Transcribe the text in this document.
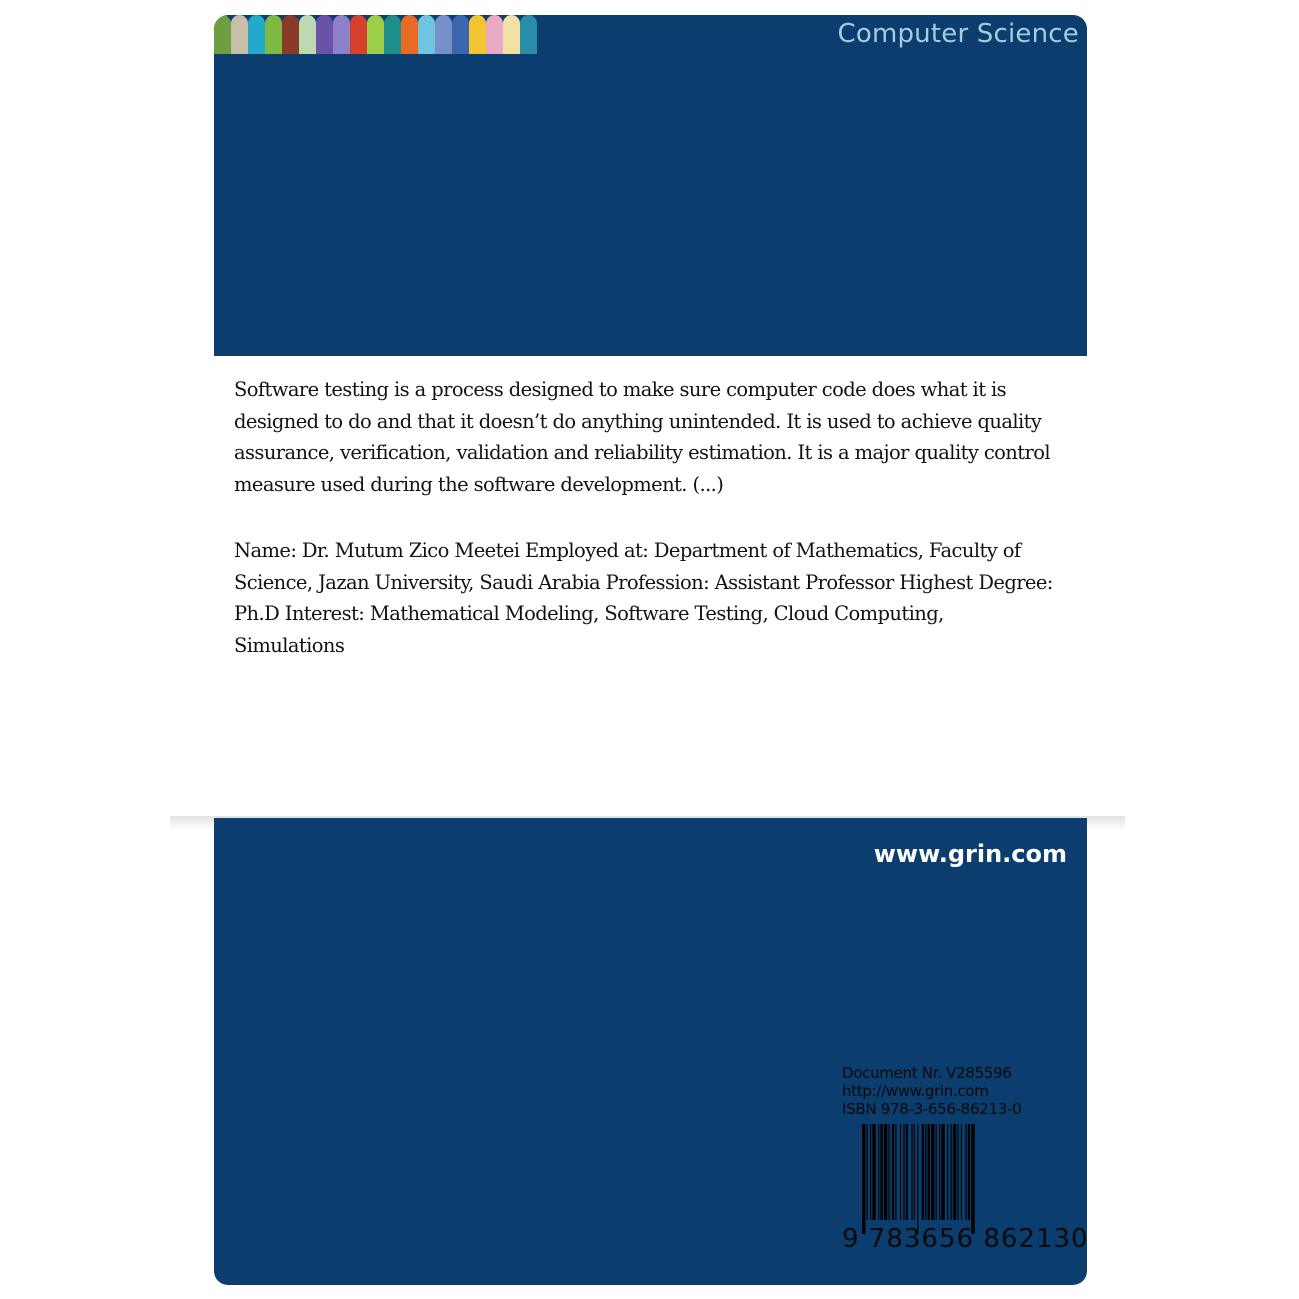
Computer Science
Software testing is a process designed to make sure computer code does what it is designed to do and that it doesn’t do anything unintended. It is used to achieve quality assurance, verification, validation and reliability estimation. It is a major quality control measure used during the software development. (...)
Name: Dr. Mutum Zico Meetei Employed at: Department of Mathematics, Faculty of Science, Jazan University, Saudi Arabia Profession: Assistant Professor Highest Degree: Ph.D Interest: Mathematical Modeling, Software Testing, Cloud Computing, Simulations
www.grin.com
Document Nr. V285596
http://www.grin.com
ISBN 978-3-656-86213-0
9 783656 862130
